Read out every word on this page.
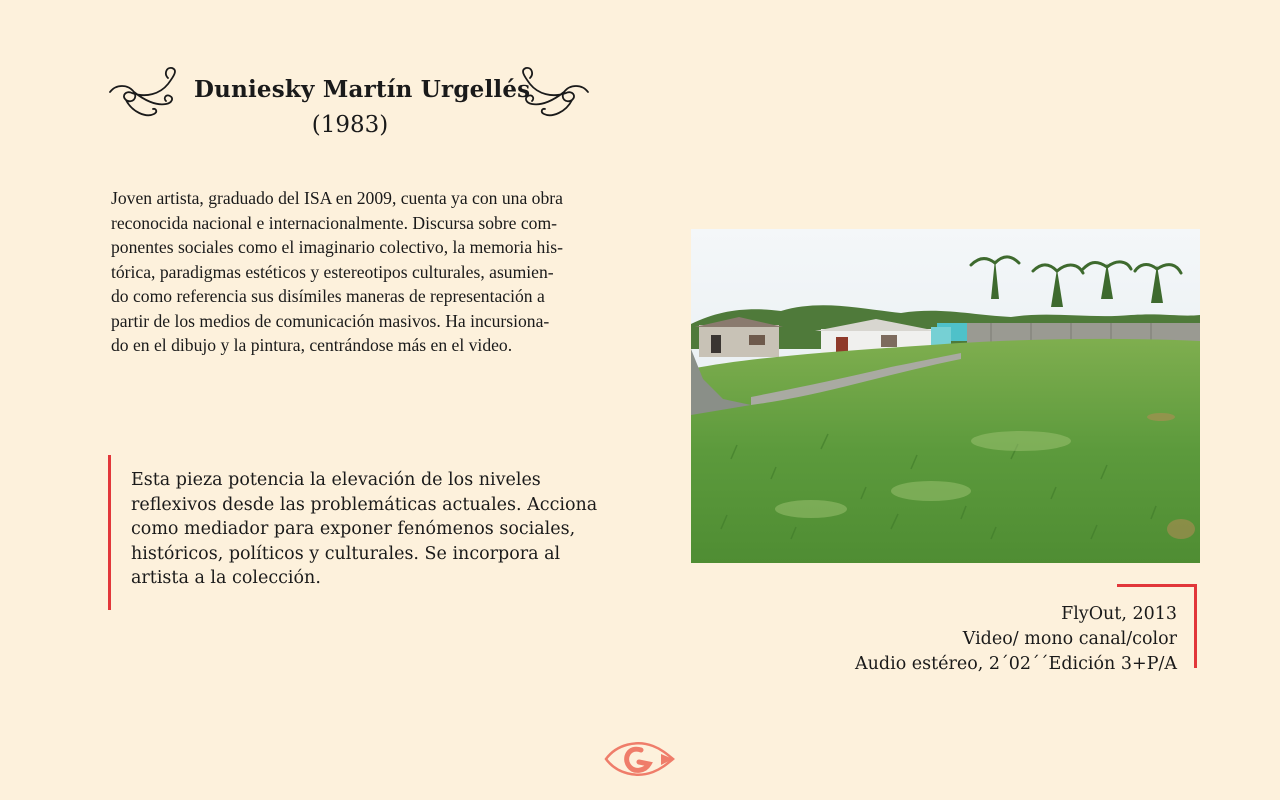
Duniesky Martín Urgellés
(1983)

Joven artista, graduado del ISA en 2009, cuenta ya con una obra

reconocida nacional e internacionalmente. Discursa sobre com-

ponentes sociales como el imaginario colectivo, la memoria his-

tórica, paradigmas estéticos y estereotipos culturales, asumien-

do como referencia sus disímiles maneras de representación a

partir de los medios de comunicación masivos. Ha incursiona-

do en el dibujo y la pintura, centrándose más en el video.

Esta pieza potencia la elevación de los niveles

reflexivos desde las problemáticas actuales. Acciona

como mediador para exponer fenómenos sociales,

históricos, políticos y culturales. Se incorpora al

artista a la colección.

FlyOut, 2013
Video/ mono canal/color
Audio estéreo, 2´02´´Edición 3+P/A
